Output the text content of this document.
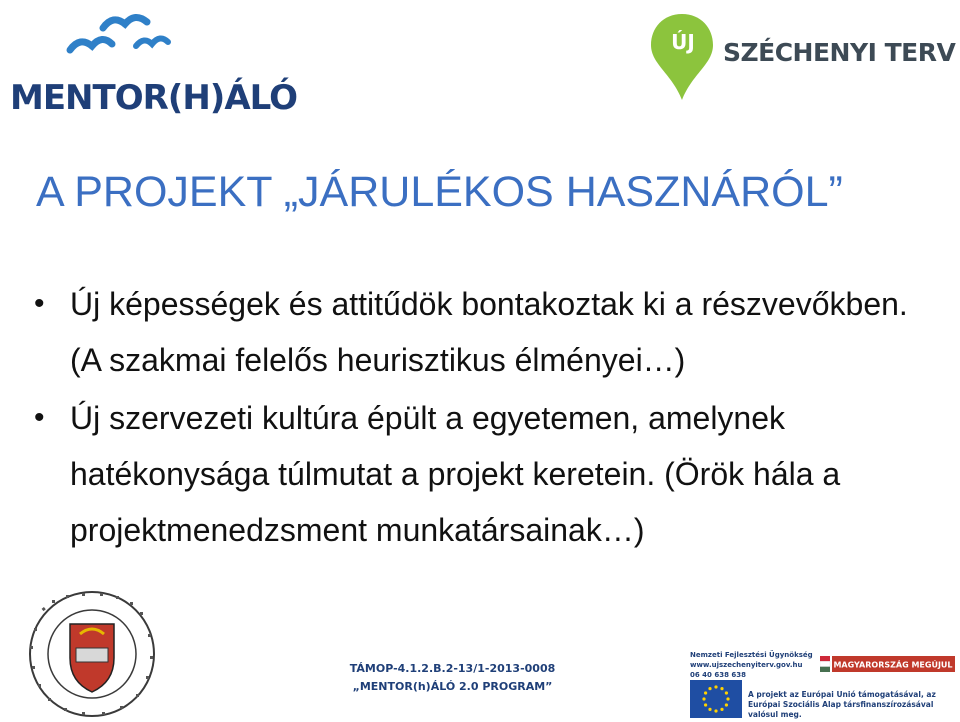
MENTOR(H)ÁLÓ
ÚJ	SZÉCHENYI TERV
A PROJEKT „JÁRULÉKOS HASZNÁRÓL”
• Új képességek és attitűdök bontakoztak ki a részvevőkben. (A szakmai felelős heurisztikus élményei…)
• Új szervezeti kultúra épült a egyetemen, amelynek hatékonysága túlmutat a projekt keretein. (Örök hála a projektmenedzsment munkatársainak…)
TÁMOP-4.1.2.B.2-13/1-2013-0008
„MENTOR(h)ÁLÓ 2.0 PROGRAM”
Nemzeti Fejlesztési Ügynökség
www.ujszechenyiterv.gov.hu
06 40 638 638
MAGYARORSZÁG MEGÚJUL
A projekt az Európai Unió támogatásával, az Európai Szociális Alap társfinanszírozásával valósul meg.
